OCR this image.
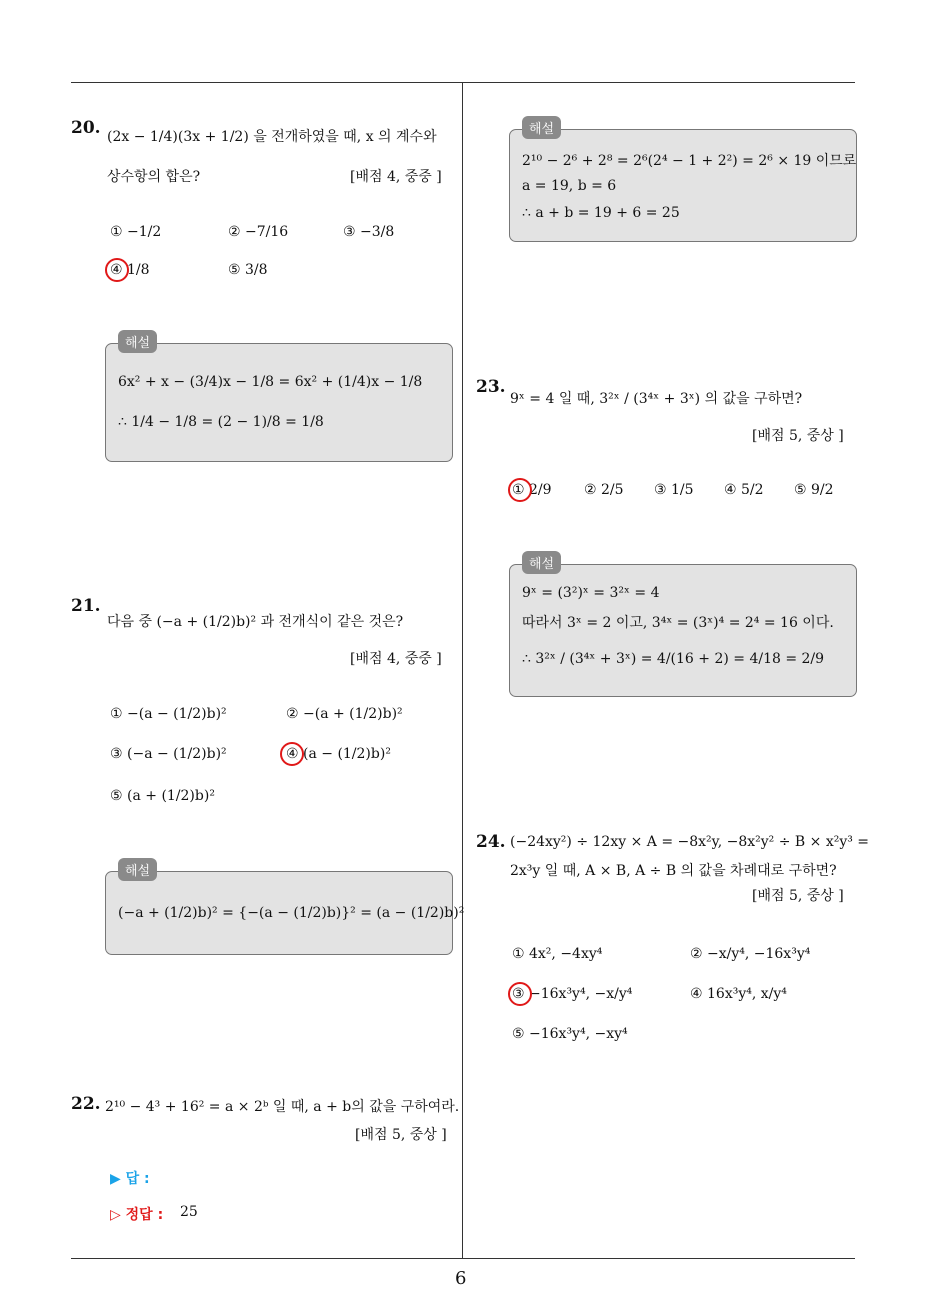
20. (2x − 1/4)(3x + 1/2) 을 전개하였을 때, x 의 계수와
상수항의 합은?	[배점 4, 중중 ]
① −1/2	② −7/16	③ −3/8
④ 1/8	⑤ 3/8
해설
6x² + x − (3/4)x − 1/8 = 6x² + (1/4)x − 1/8
∴ 1/4 − 1/8 = (2 − 1)/8 = 1/8
21.
다음 중 (−a + (1/2)b)² 과 전개식이 같은 것은?
[배점 4, 중중 ]
① −(a − (1/2)b)²	② −(a + (1/2)b)²
③ (−a − (1/2)b)²	④ (a − (1/2)b)²
⑤ (a + (1/2)b)²
해설
(−a + (1/2)b)² = {−(a − (1/2)b)}² = (a − (1/2)b)²
22. 2¹⁰ − 4³ + 16² = a × 2ᵇ 일 때, a + b의 값을 구하여라.
[배점 5, 중상 ]
▶ 답 :
▷ 정답 : 25
해설
2¹⁰ − 2⁶ + 2⁸ = 2⁶(2⁴ − 1 + 2²) = 2⁶ × 19 이므로
a = 19, b = 6
∴ a + b = 19 + 6 = 25
23.
9ˣ = 4 일 때, 3²ˣ / (3⁴ˣ + 3ˣ) 의 값을 구하면?
[배점 5, 중상 ]
① 2/9 ② 2/5 ③ 1/5 ④ 5/2 ⑤ 9/2
해설
9ˣ = (3²)ˣ = 3²ˣ = 4
따라서 3ˣ = 2 이고, 3⁴ˣ = (3ˣ)⁴ = 2⁴ = 16 이다.
∴ 3²ˣ / (3⁴ˣ + 3ˣ) = 4/(16 + 2) = 4/18 = 2/9
24. (−24xy²) ÷ 12xy × A = −8x²y, −8x²y² ÷ B × x²y³ =
2x³y 일 때, A × B, A ÷ B 의 값을 차례대로 구하면?
[배점 5, 중상 ]
① 4x², −4xy⁴	② −x/y⁴, −16x³y⁴
③ −16x³y⁴, −x/y⁴	④ 16x³y⁴, x/y⁴
⑤ −16x³y⁴, −xy⁴
6
